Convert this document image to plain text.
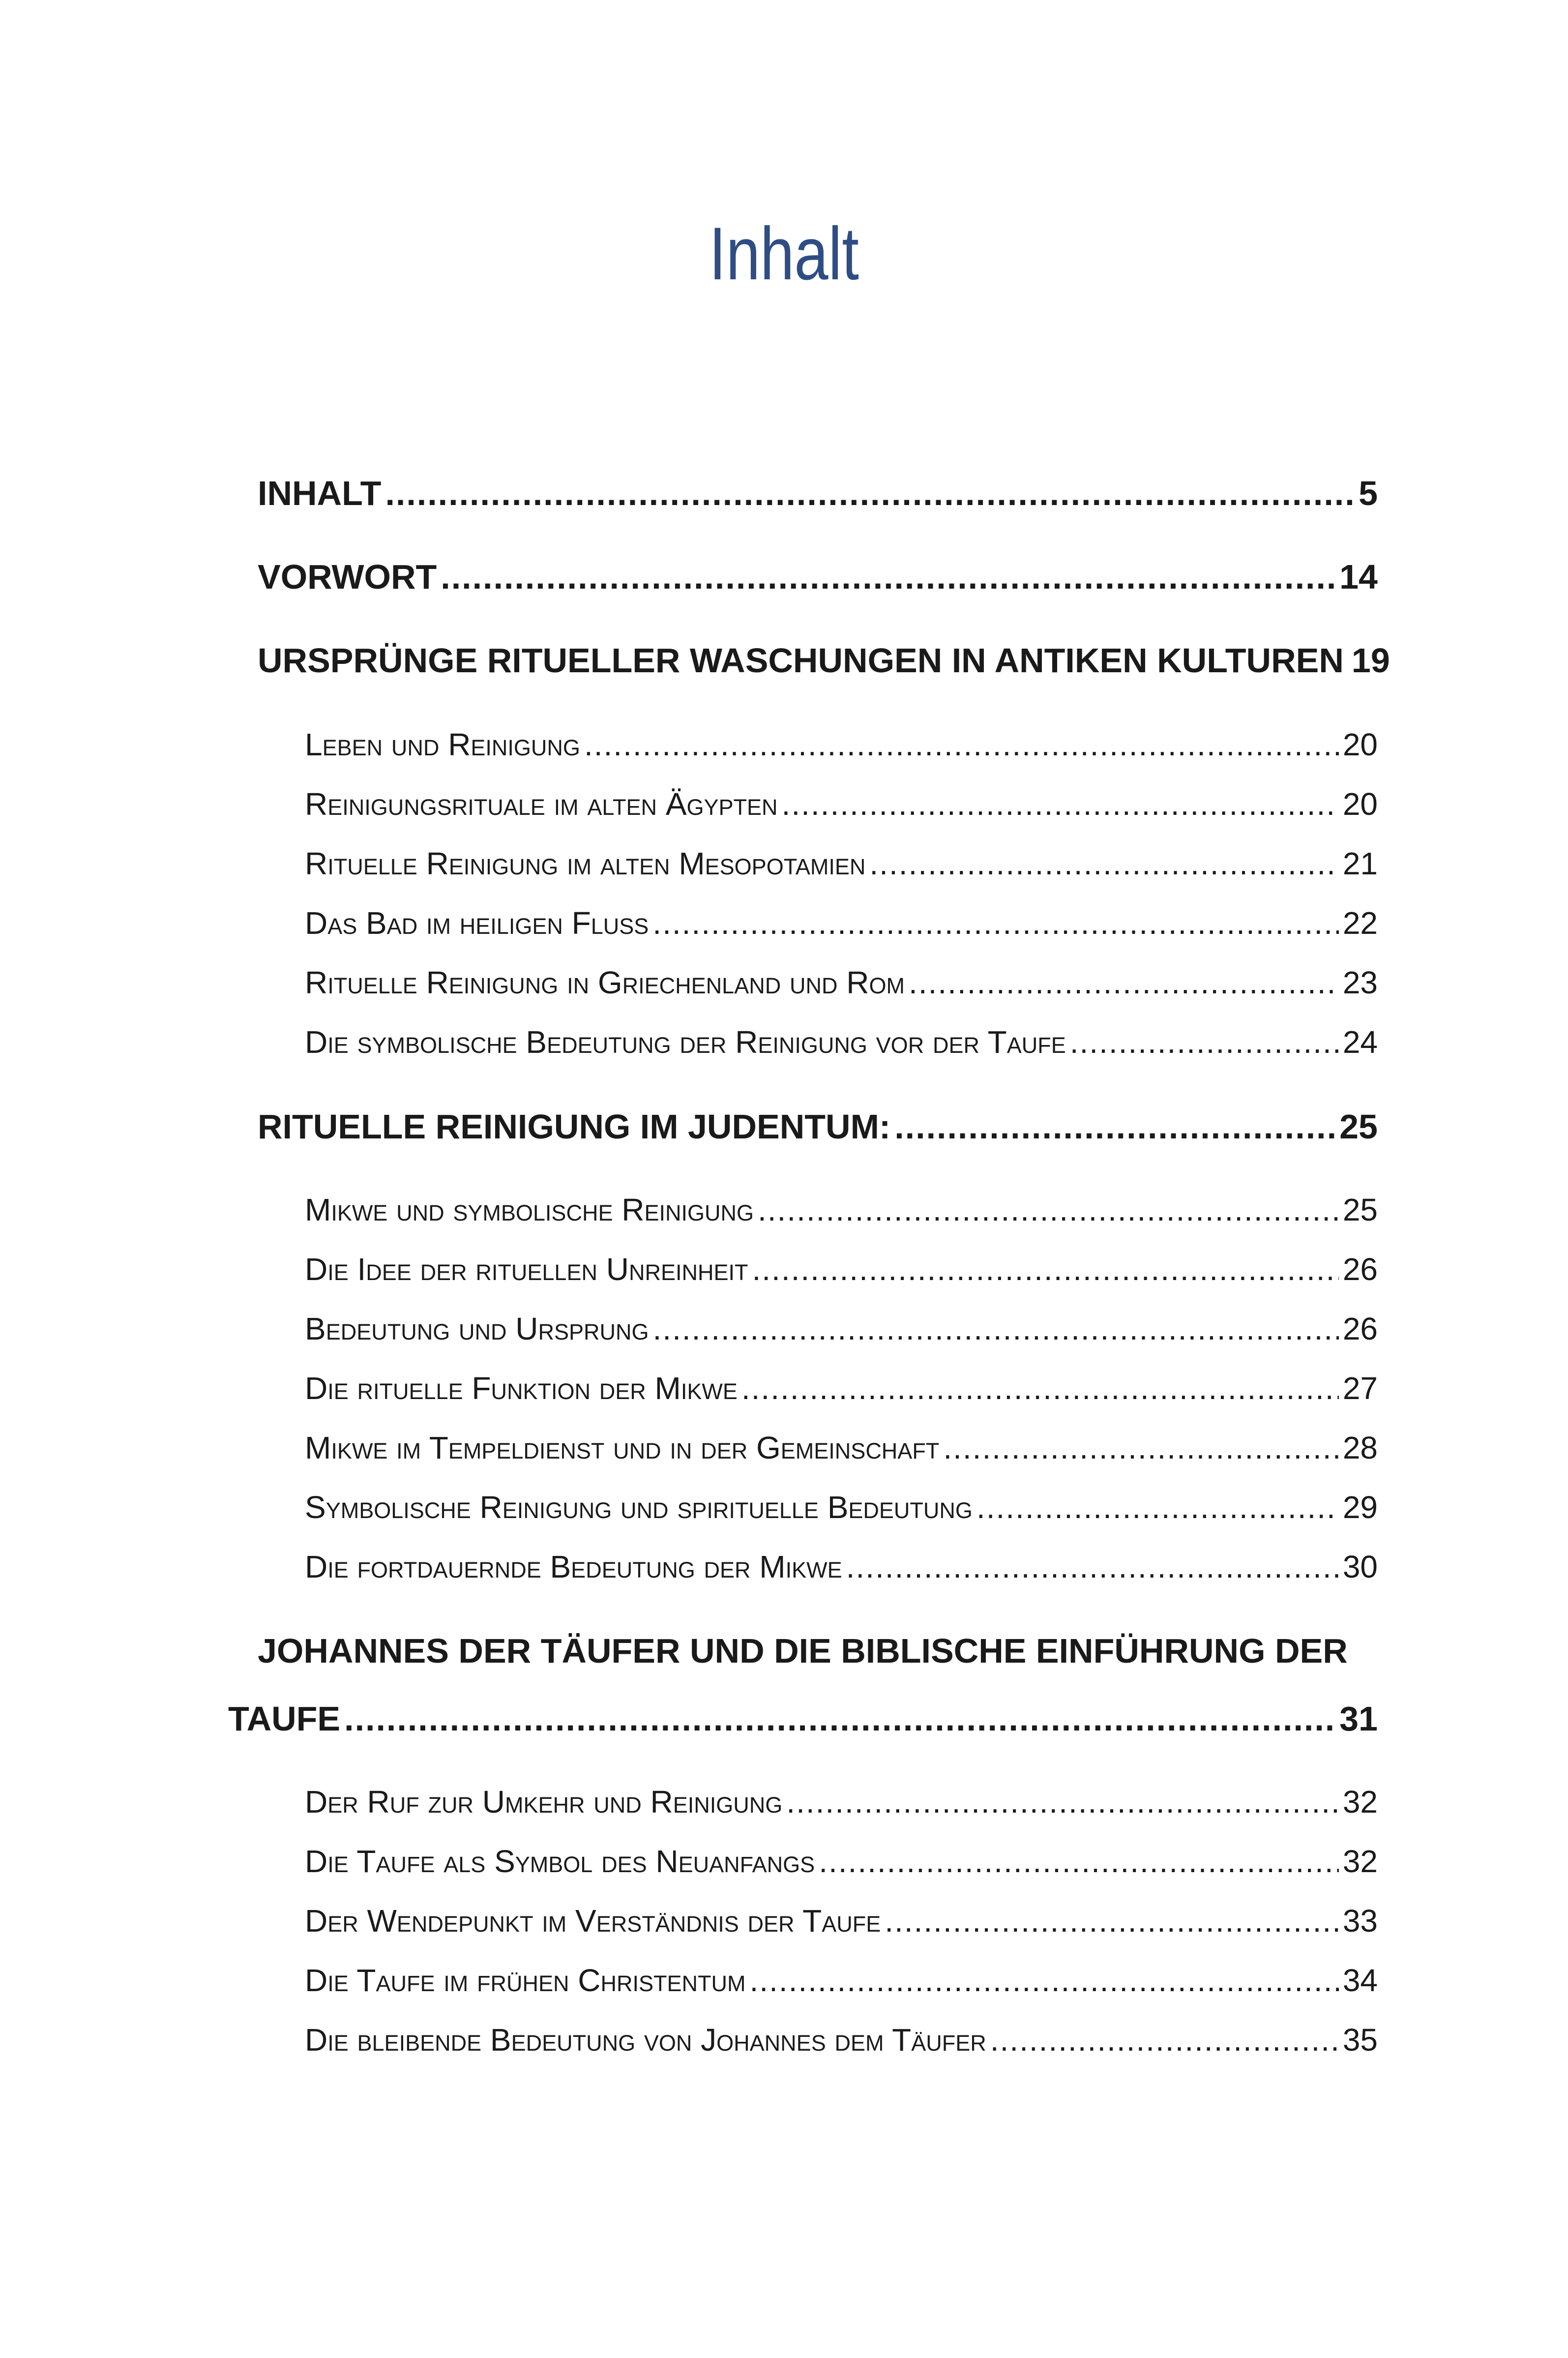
Inhalt
INHALT .....	5
VORWORT .....	14
URSPRÜNGE RITUELLER WASCHUNGEN IN ANTIKEN KULTUREN 19
Leben und Reinigung .....	20
Reinigungsrituale im alten Ägypten .....	20
Rituelle Reinigung im alten Mesopotamien .....	21
Das Bad im heiligen Fluss .....	22
Rituelle Reinigung in Griechenland und Rom .....	23
Die symbolische Bedeutung der Reinigung vor der Taufe .....	24
RITUELLE REINIGUNG IM JUDENTUM: .....	25
Mikwe und symbolische Reinigung .....	25
Die Idee der rituellen Unreinheit .....	26
Bedeutung und Ursprung .....	26
Die rituelle Funktion der Mikwe .....	27
Mikwe im Tempeldienst und in der Gemeinschaft .....	28
Symbolische Reinigung und spirituelle Bedeutung .....	29
Die fortdauernde Bedeutung der Mikwe .....	30
JOHANNES DER TÄUFER UND DIE BIBLISCHE EINFÜHRUNG DER
TAUFE .....	31
Der Ruf zur Umkehr und Reinigung .....	32
Die Taufe als Symbol des Neuanfangs .....	32
Der Wendepunkt im Verständnis der Taufe .....	33
Die Taufe im frühen Christentum .....	34
Die bleibende Bedeutung von Johannes dem Täufer .....	35
